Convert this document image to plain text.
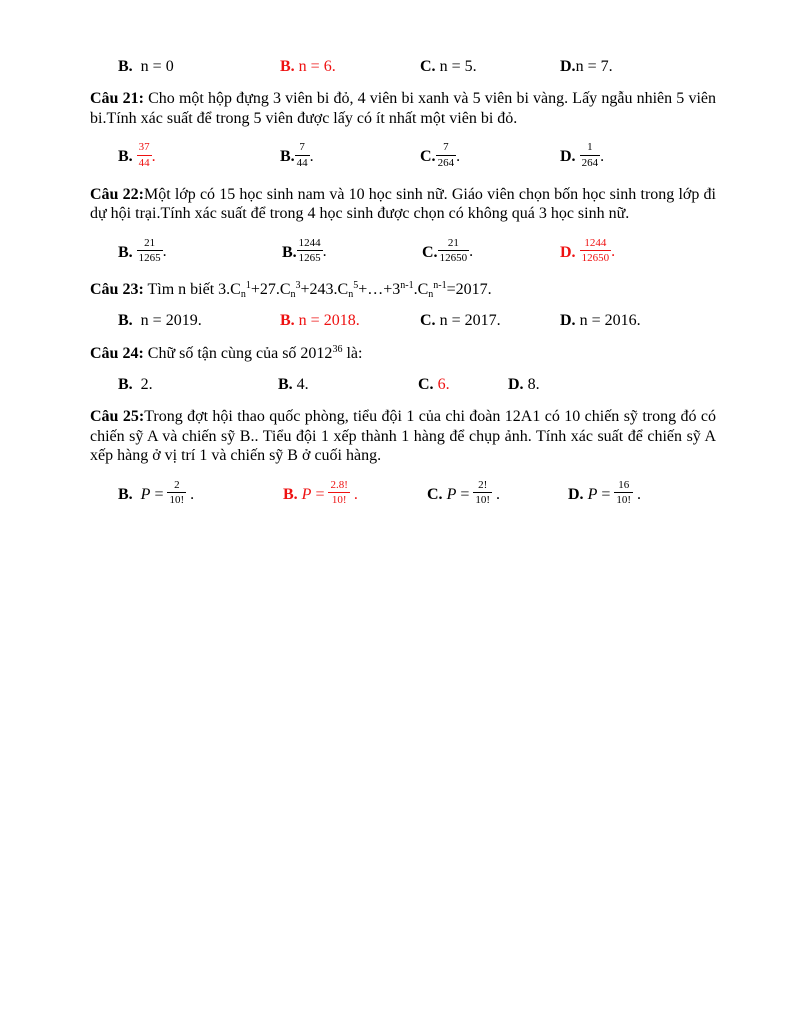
B.  n = 0	B. n = 6.	C. n = 5.	D.n = 7.

Câu 21: Cho một hộp đựng 3 viên bi đỏ, 4 viên bi xanh và 5 viên bi vàng. Lấy ngẫu nhiên 5 viên bi.Tính xác suất để trong 5 viên được lấy có ít nhất một viên bi đỏ.

B. $\frac{37}{44}$ .	B. $\frac{7}{44}$ .	C. $\frac{7}{264}$ .	D. $\frac{1}{264}$ .

Câu 22:Một lớp có 15 học sinh nam và 10 học sinh nữ. Giáo viên chọn bốn học sinh trong lớp đi dự hội trại.Tính xác suất để trong 4 học sinh được chọn có không quá 3 học sinh nữ.

B. $\frac{21}{1265}$ .	B. $\frac{1244}{1265}$ .	C. $\frac{21}{12650}$ .	D. $\frac{1244}{12650}$ .

Câu 23: Tìm n biết $3.C_n^1+27.C_n^3+243.C_n^5+\dots+3^{n-1}.C_n^{n-1}=2017$.

B.  n = 2019.	B. n = 2018.	C. n = 2017.	D. n = 2016.

Câu 24: Chữ số tận cùng của số 2012$^{36}$ là:

B.  2.	B. 4.	C. 6.	D. 8.

Câu 25:Trong đợt hội thao quốc phòng, tiểu đội 1 của chi đoàn 12A1 có 10 chiến sỹ trong đó có chiến sỹ A và chiến sỹ B.. Tiểu đội 1 xếp thành 1 hàng để chụp ảnh. Tính xác suất để chiến sỹ A xếp hàng ở vị trí 1 và chiến sỹ B ở cuối hàng.

B. $P = \frac{2}{10!}$ .	B. $P = \frac{2.8!}{10!}$ .	C. $P = \frac{2!}{10!}$ .	D. $P = \frac{16}{10!}$ .
